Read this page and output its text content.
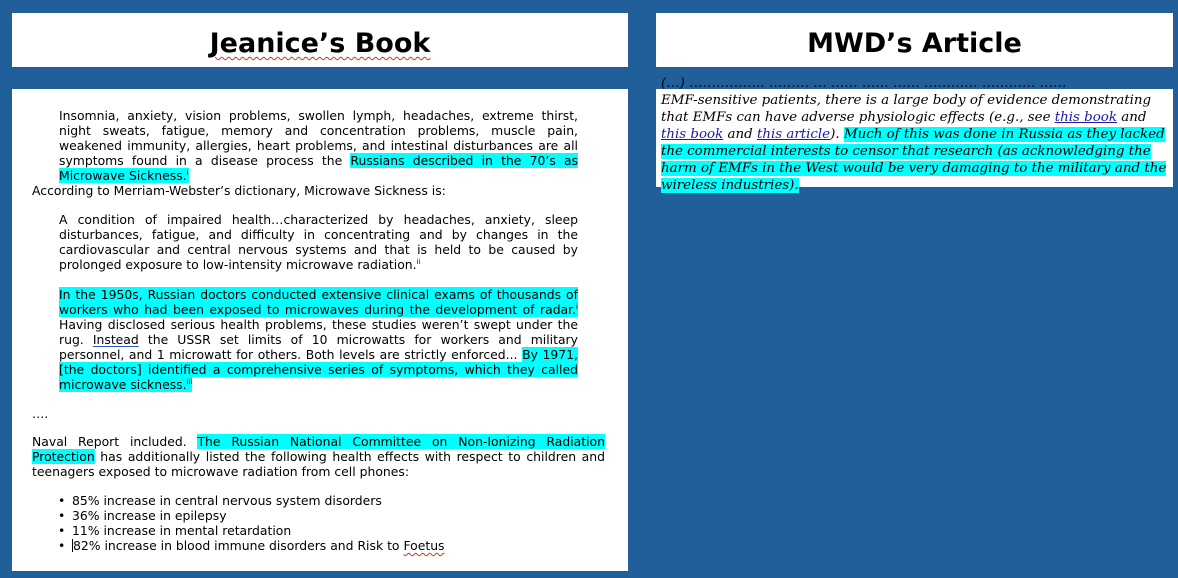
Jeanice’s Book	MWD’s Article
Insomnia, anxiety, vision problems, swollen lymph, headaches, extreme thirst, night sweats, fatigue, memory and concentration problems, muscle pain, weakened immunity, allergies, heart problems, and intestinal disturbances are all symptoms found in a disease process the Russians described in the 70’s as Microwave Sickness.$^i$
According to Merriam-Webster’s dictionary, Microwave Sickness is:
A condition of impaired health…characterized by headaches, anxiety, sleep disturbances, fatigue, and difficulty in concentrating and by changes in the cardiovascular and central nervous systems and that is held to be caused by prolonged exposure to low-intensity microwave radiation.$^{ii}$
In the 1950s, Russian doctors conducted extensive clinical exams of thousands of workers who had been exposed to microwaves during the development of radar.$^i$ Having disclosed serious health problems, these studies weren’t swept under the rug. Instead the USSR set limits of 10 microwatts for workers and military personnel, and 1 microwatt for others. Both levels are strictly enforced... By 1971, [the doctors] identified a comprehensive series of symptoms, which they called microwave sickness.$^{iii}$
….
Naval Report included. The Russian National Committee on Non-Ionizing Radiation Protection has additionally listed the following health effects with respect to children and teenagers exposed to microwave radiation from cell phones:
• 85% increase in central nervous system disorders
• 36% increase in epilepsy
• 11% increase in mental retardation
• 82% increase in blood immune disorders and Risk to Foetus
(…) …………….. ……… … …… …… …… ………… ………… ……
EMF-sensitive patients, there is a large body of evidence demonstrating that EMFs can have adverse physiologic effects (e.g., see this book and this book and this article). Much of this was done in Russia as they lacked the commercial interests to censor that research (as acknowledging the harm of EMFs in the West would be very damaging to the military and the wireless industries).
